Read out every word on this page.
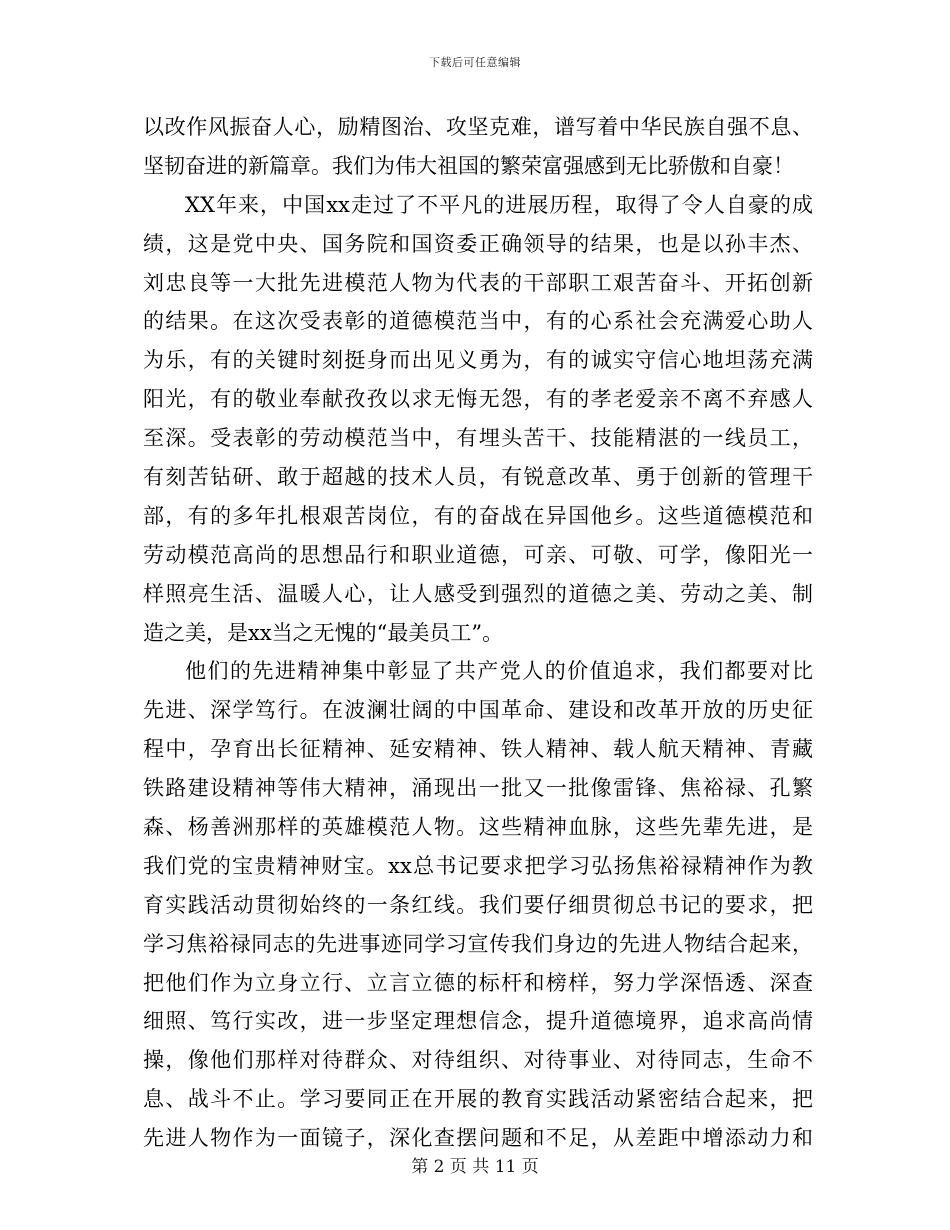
下载后可任意编辑
以改作风振奋人心，励精图治、攻坚克难，谱写着中华民族自强不息、
坚韧奋进的新篇章。我们为伟大祖国的繁荣富强感到无比骄傲和自豪！
XX年来，中国xx走过了不平凡的进展历程，取得了令人自豪的成
绩，这是党中央、国务院和国资委正确领导的结果，也是以孙丰杰、
刘忠良等一大批先进模范人物为代表的干部职工艰苦奋斗、开拓创新
的结果。在这次受表彰的道德模范当中，有的心系社会充满爱心助人
为乐，有的关键时刻挺身而出见义勇为，有的诚实守信心地坦荡充满
阳光，有的敬业奉献孜孜以求无悔无怨，有的孝老爱亲不离不弃感人
至深。受表彰的劳动模范当中，有埋头苦干、技能精湛的一线员工，
有刻苦钻研、敢于超越的技术人员，有锐意改革、勇于创新的管理干
部，有的多年扎根艰苦岗位，有的奋战在异国他乡。这些道德模范和
劳动模范高尚的思想品行和职业道德，可亲、可敬、可学，像阳光一
样照亮生活、温暖人心，让人感受到强烈的道德之美、劳动之美、制
造之美，是xx当之无愧的“最美员工”。
他们的先进精神集中彰显了共产党人的价值追求，我们都要对比
先进、深学笃行。在波澜壮阔的中国革命、建设和改革开放的历史征
程中，孕育出长征精神、延安精神、铁人精神、载人航天精神、青藏
铁路建设精神等伟大精神，涌现出一批又一批像雷锋、焦裕禄、孔繁
森、杨善洲那样的英雄模范人物。这些精神血脉，这些先辈先进，是
我们党的宝贵精神财宝。xx总书记要求把学习弘扬焦裕禄精神作为教
育实践活动贯彻始终的一条红线。我们要仔细贯彻总书记的要求，把
学习焦裕禄同志的先进事迹同学习宣传我们身边的先进人物结合起来，
把他们作为立身立行、立言立德的标杆和榜样，努力学深悟透、深查
细照、笃行实改，进一步坚定理想信念，提升道德境界，追求高尚情
操，像他们那样对待群众、对待组织、对待事业、对待同志，生命不
息、战斗不止。学习要同正在开展的教育实践活动紧密结合起来，把
先进人物作为一面镜子，深化查摆问题和不足，从差距中增添动力和
第 2 页 共 11 页
